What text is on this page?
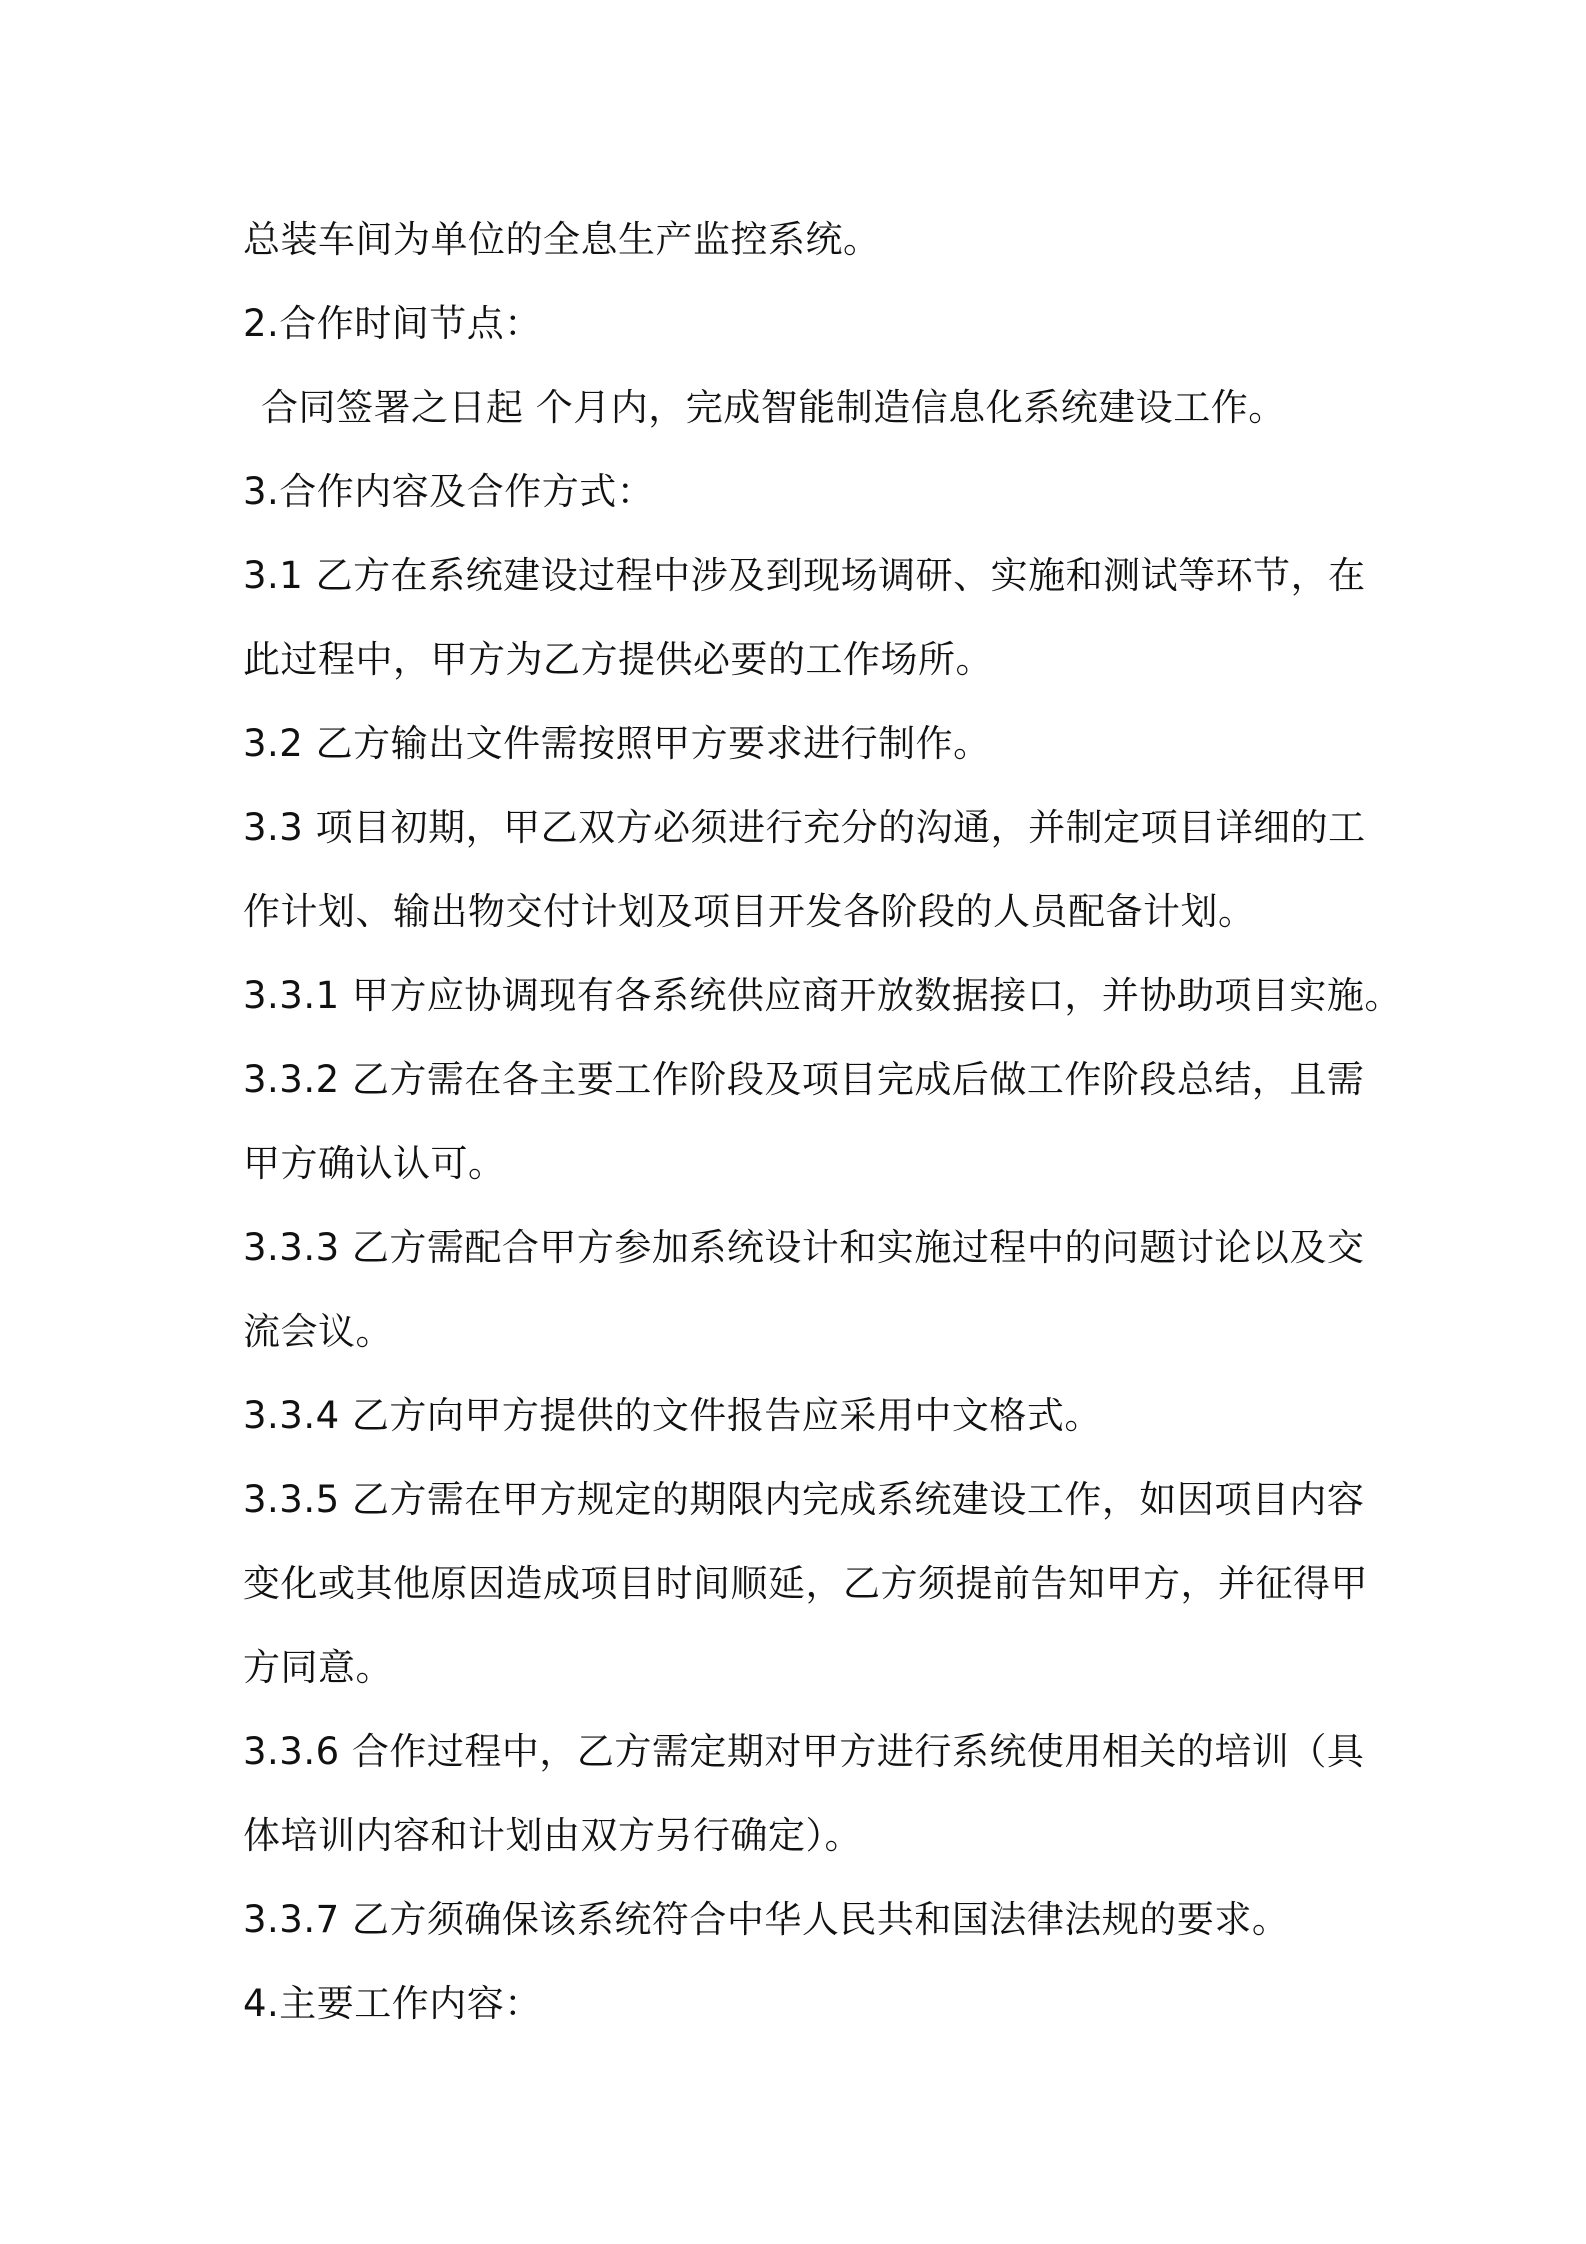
总装车间为单位的全息生产监控系统。
2.合作时间节点：
合同签署之日起 个月内，完成智能制造信息化系统建设工作。
3.合作内容及合作方式：
3.1 乙方在系统建设过程中涉及到现场调研、实施和测试等环节，在
此过程中，甲方为乙方提供必要的工作场所。
3.2 乙方输出文件需按照甲方要求进行制作。
3.3 项目初期，甲乙双方必须进行充分的沟通，并制定项目详细的工
作计划、输出物交付计划及项目开发各阶段的人员配备计划。
3.3.1 甲方应协调现有各系统供应商开放数据接口，并协助项目实施。
3.3.2 乙方需在各主要工作阶段及项目完成后做工作阶段总结，且需
甲方确认认可。
3.3.3 乙方需配合甲方参加系统设计和实施过程中的问题讨论以及交
流会议。
3.3.4 乙方向甲方提供的文件报告应采用中文格式。
3.3.5 乙方需在甲方规定的期限内完成系统建设工作，如因项目内容
变化或其他原因造成项目时间顺延，乙方须提前告知甲方，并征得甲
方同意。
3.3.6 合作过程中，乙方需定期对甲方进行系统使用相关的培训（具
体培训内容和计划由双方另行确定）。
3.3.7 乙方须确保该系统符合中华人民共和国法律法规的要求。
4.主要工作内容：
